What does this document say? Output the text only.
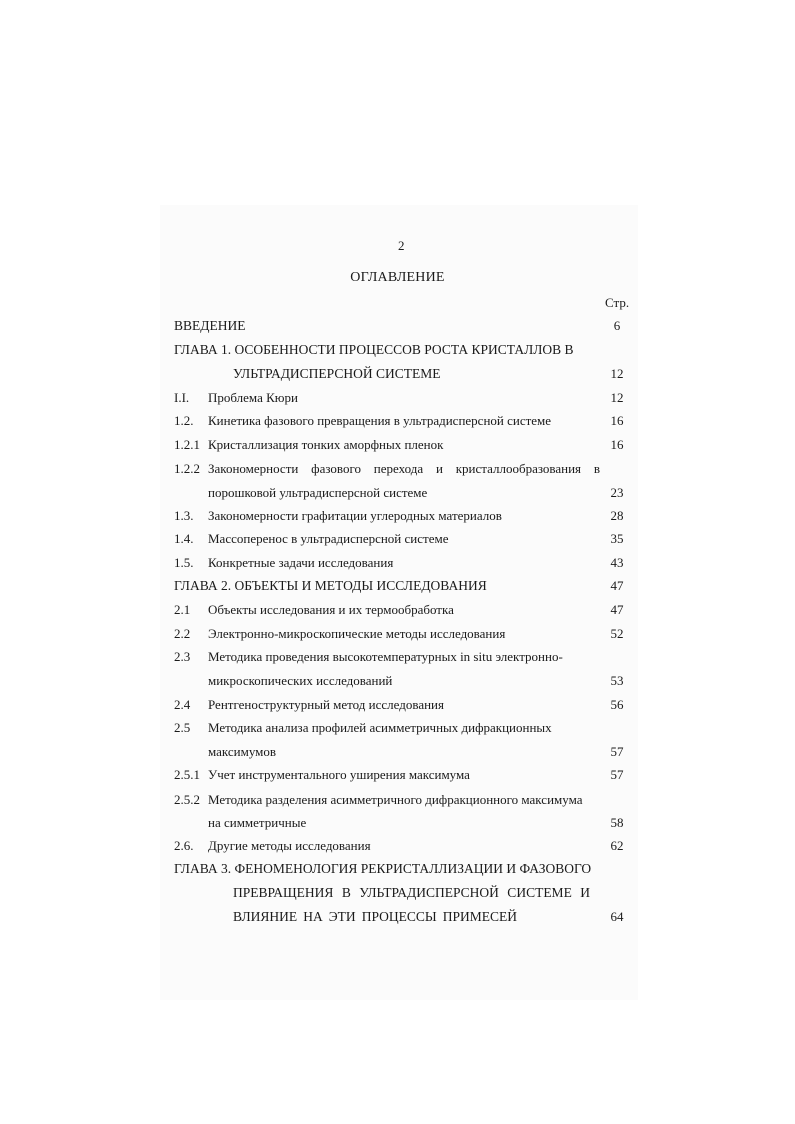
2
ОГЛАВЛЕНИЕ
Стр.
ВВЕДЕНИЕ	6
ГЛАВА 1. ОСОБЕННОСТИ ПРОЦЕССОВ РОСТА КРИСТАЛЛОВ В
УЛЬТРАДИСПЕРСНОЙ СИСТЕМЕ	12
I.I. Проблема Кюри	12
1.2. Кинетика фазового превращения в ультрадисперсной системе	16
1.2.1 Кристаллизация тонких аморфных пленок	16
1.2.2 Закономерности фазового перехода и кристаллообразования в
порошковой ультрадисперсной системе	23
1.3. Закономерности графитации углеродных материалов	28
1.4. Массоперенос в ультрадисперсной системе	35
1.5. Конкретные задачи исследования	43
ГЛАВА 2. ОБЪЕКТЫ И МЕТОДЫ ИССЛЕДОВАНИЯ	47
2.1 Объекты исследования и их термообработка	47
2.2 Электронно-микроскопические методы исследования	52
2.3 Методика проведения высокотемпературных in situ электронно-
микроскопических исследований	53
2.4 Рентгеноструктурный метод исследования	56
2.5 Методика анализа профилей асимметричных дифракционных
максимумов	57
2.5.1 Учет инструментального уширения максимума	57
2.5.2 Методика разделения асимметричного дифракционного максимума
на симметричные	58
2.6. Другие методы исследования	62
ГЛАВА 3. ФЕНОМЕНОЛОГИЯ РЕКРИСТАЛЛИЗАЦИИ И ФАЗОВОГО
ПРЕВРАЩЕНИЯ В УЛЬТРАДИСПЕРСНОЙ СИСТЕМЕ И
ВЛИЯНИЕ НА ЭТИ ПРОЦЕССЫ ПРИМЕСЕЙ	64
